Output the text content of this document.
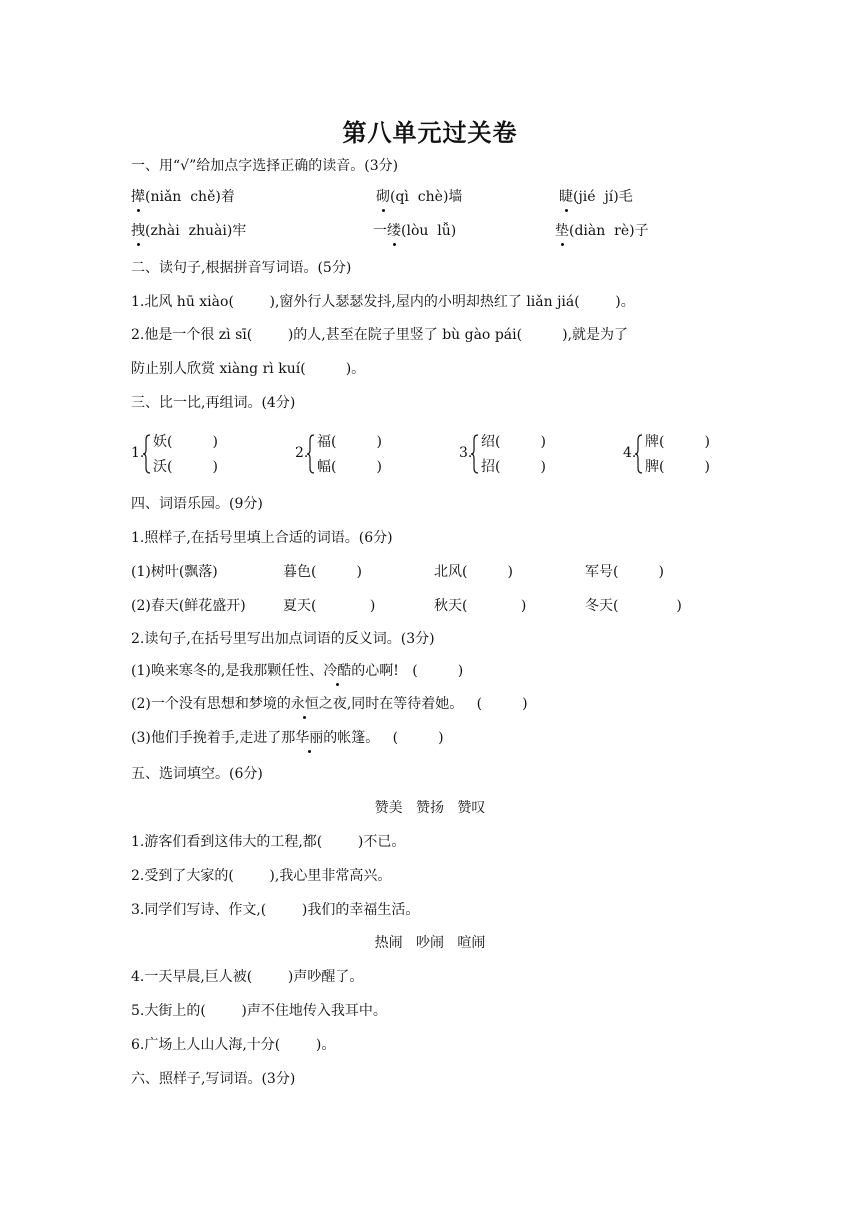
第八单元过关卷
一、用“√”给加点字选择正确的读音。(3分)
撵(niǎn  chě)着	砌(qì  chè)墙	睫(jié  jí)毛
拽(zhài  zhuài)牢	一缕(lòu  lǚ)	垫(diàn  rè)子
二、读句子,根据拼音写词语。(5分)
1.北风 hū xiào(        ),窗外行人瑟瑟发抖,屋内的小明却热红了 liǎn jiá(        )。
2.他是一个很 zì sī(        )的人,甚至在院子里竖了 bù gào pái(         ),就是为了
防止别人欣赏 xiàng rì kuí(         )。
三、比一比,再组词。(4分)
1.
妖(         )
沃(         )
2.
福(         )
幅(         )
3.
绍(         )
招(         )
4.
牌(         )
脾(         )
四、词语乐园。(9分)
1.照样子,在括号里填上合适的词语。(6分)
(1)树叶(飘落)	暮色(         )	北风(         )	军号(         )
(2)春天(鲜花盛开)	夏天(            )	秋天(            )	冬天(             )
2.读句子,在括号里写出加点词语的反义词。(3分)
(1)唤来寒冬的,是我那颗任性、冷酷的心啊!   (         )
(2)一个没有思想和梦境的永恒之夜,同时在等待着她。   (         )
(3)他们手挽着手,走进了那华丽的帐篷。   (         )
五、选词填空。(6分)
赞美   赞扬   赞叹
1.游客们看到这伟大的工程,都(        )不已。
2.受到了大家的(        ),我心里非常高兴。
3.同学们写诗、作文,(        )我们的幸福生活。
热闹   吵闹   喧闹
4.一天早晨,巨人被(        )声吵醒了。
5.大街上的(        )声不住地传入我耳中。
6.广场上人山人海,十分(        )。
六、照样子,写词语。(3分)
